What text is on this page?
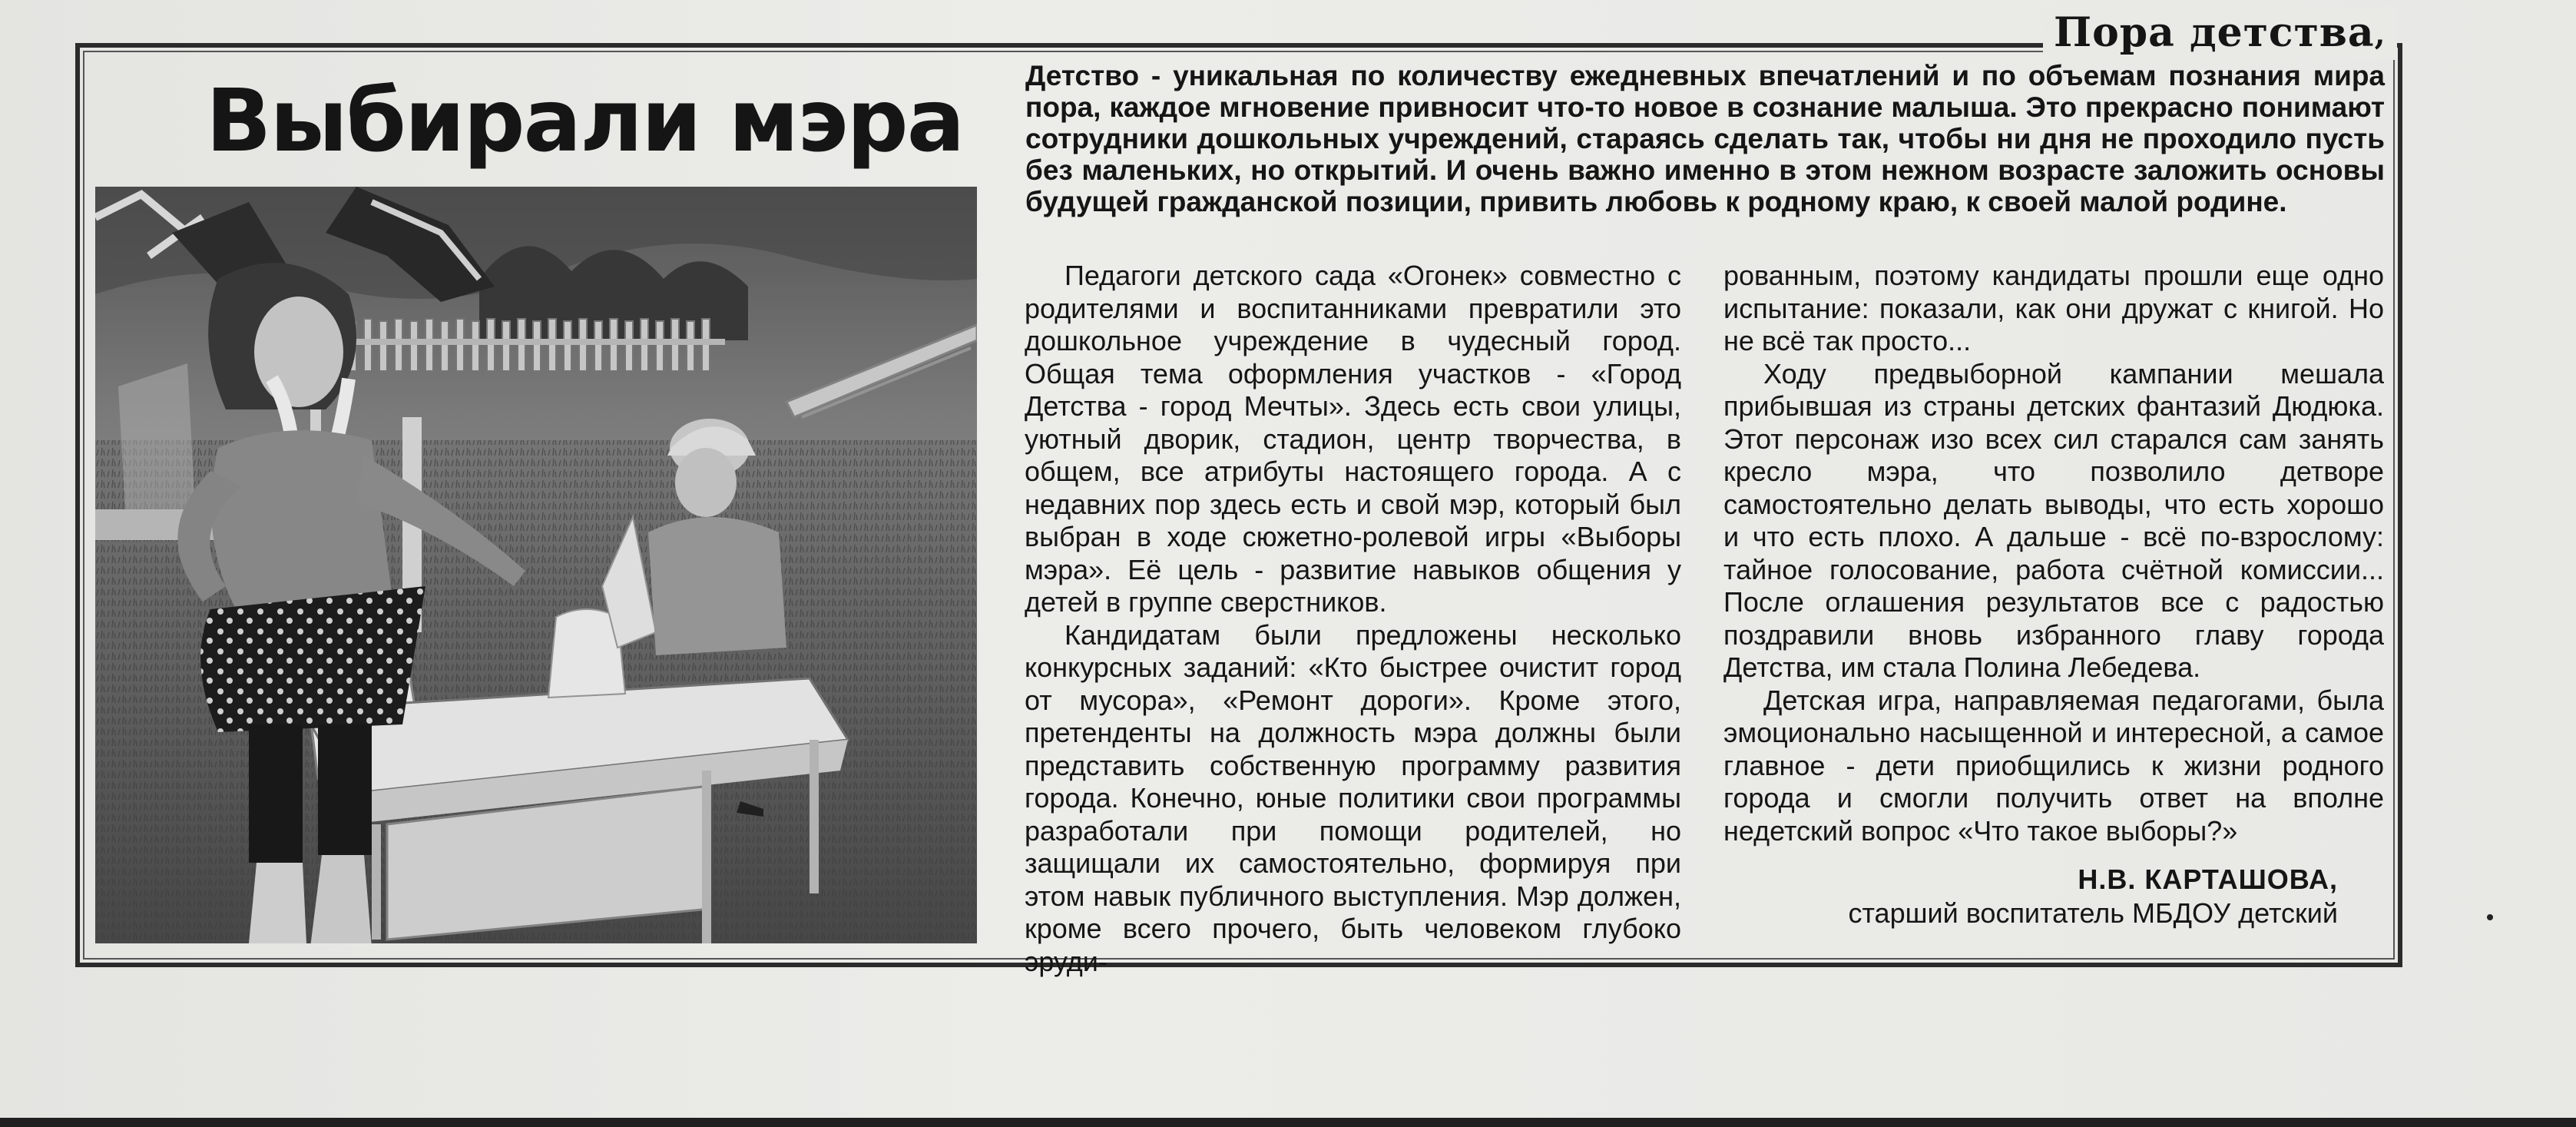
Пора детства,
Выбирали мэра Детство - уникальная по количеству ежедневных впечатлений и по объемам познания мира пора, каждое мгновение привносит что-то новое в сознание малыша. Это прекрасно понимают сотрудники дошкольных учреждений, стараясь сделать так, чтобы ни дня не проходило пусть без маленьких, но открытий. И очень важно именно в этом нежном возрасте заложить основы будущей гражданской позиции, привить любовь к родному краю, к своей малой родине.

Педагоги детского сада «Огонек» совместно с родителями и воспитанниками превратили это дошкольное учреждение в чудесный город. Общая тема оформления участков - «Город Детства - город Мечты». Здесь есть свои улицы, уютный дворик, стадион, центр творчества, в общем, все атрибуты настоящего города. А с недавних пор здесь есть и свой мэр, который был выбран в ходе сюжетно-ролевой игры «Выборы мэра». Её цель - развитие навыков общения у детей в группе сверстников.

Кандидатам были предложены несколько конкурсных заданий: «Кто быстрее очистит город от мусора», «Ремонт дороги». Кроме этого, претенденты на должность мэра должны были представить собственную программу развития города. Конечно, юные политики свои программы разработали при помощи родителей, но защищали их самостоятельно, формируя при этом навык публичного выступления. Мэр должен, кроме всего прочего, быть человеком глубоко эруди-

рованным, поэтому кандидаты прошли еще одно испытание: показали, как они дружат с книгой. Но не всё так просто...

Ходу предвыборной кампании мешала прибывшая из страны детских фантазий Дюдюка. Этот персонаж изо всех сил старался сам занять кресло мэра, что позволило детворе самостоятельно делать выводы, что есть хорошо и что есть плохо. А дальше - всё по-взрослому: тайное голосование, работа счётной комиссии... После оглашения результатов все с радостью поздравили вновь избранного главу города Детства, им стала Полина Лебедева.

Детская игра, направляемая педагогами, была эмоционально насыщенной и интересной, а самое главное - дети приобщились к жизни родного города и смогли получить ответ на вполне недетский вопрос «Что такое выборы?»

Н.В. КАРТАШОВА,
старший воспитатель МБДОУ детский
